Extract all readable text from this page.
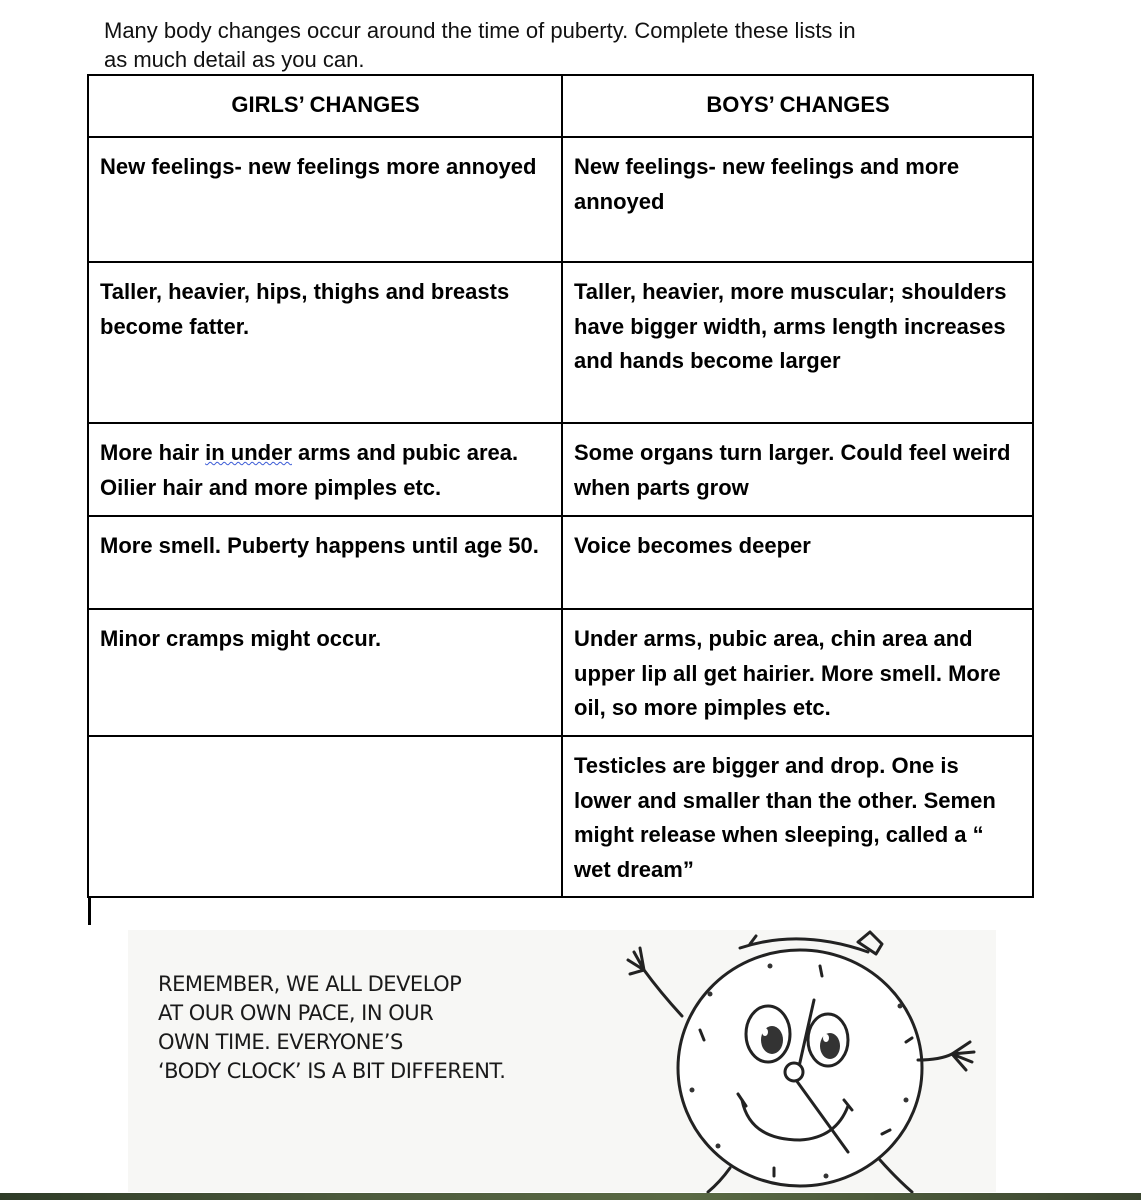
Many body changes occur around the time of puberty. Complete these lists in
as much detail as you can.
GIRLS’ CHANGES	BOYS’ CHANGES
New feelings- new feelings more annoyed	New feelings- new feelings and more annoyed
Taller, heavier, hips, thighs and breasts become fatter.	Taller, heavier, more muscular; shoulders have bigger width, arms length increases and hands become larger
More hair in under arms and pubic area. Oilier hair and more pimples etc.	Some organs turn larger. Could feel weird when parts grow
More smell. Puberty happens until age 50.	Voice becomes deeper
Minor cramps might occur.	Under arms, pubic area, chin area and upper lip all get hairier. More smell. More oil, so more pimples etc.
	Testicles are bigger and drop. One is lower and smaller than the other. Semen might release when sleeping, called a “ wet dream”
REMEMBER, WE ALL DEVELOP
AT OUR OWN PACE, IN OUR
OWN TIME. EVERYONE’S
‘BODY CLOCK’ IS A BIT DIFFERENT.
